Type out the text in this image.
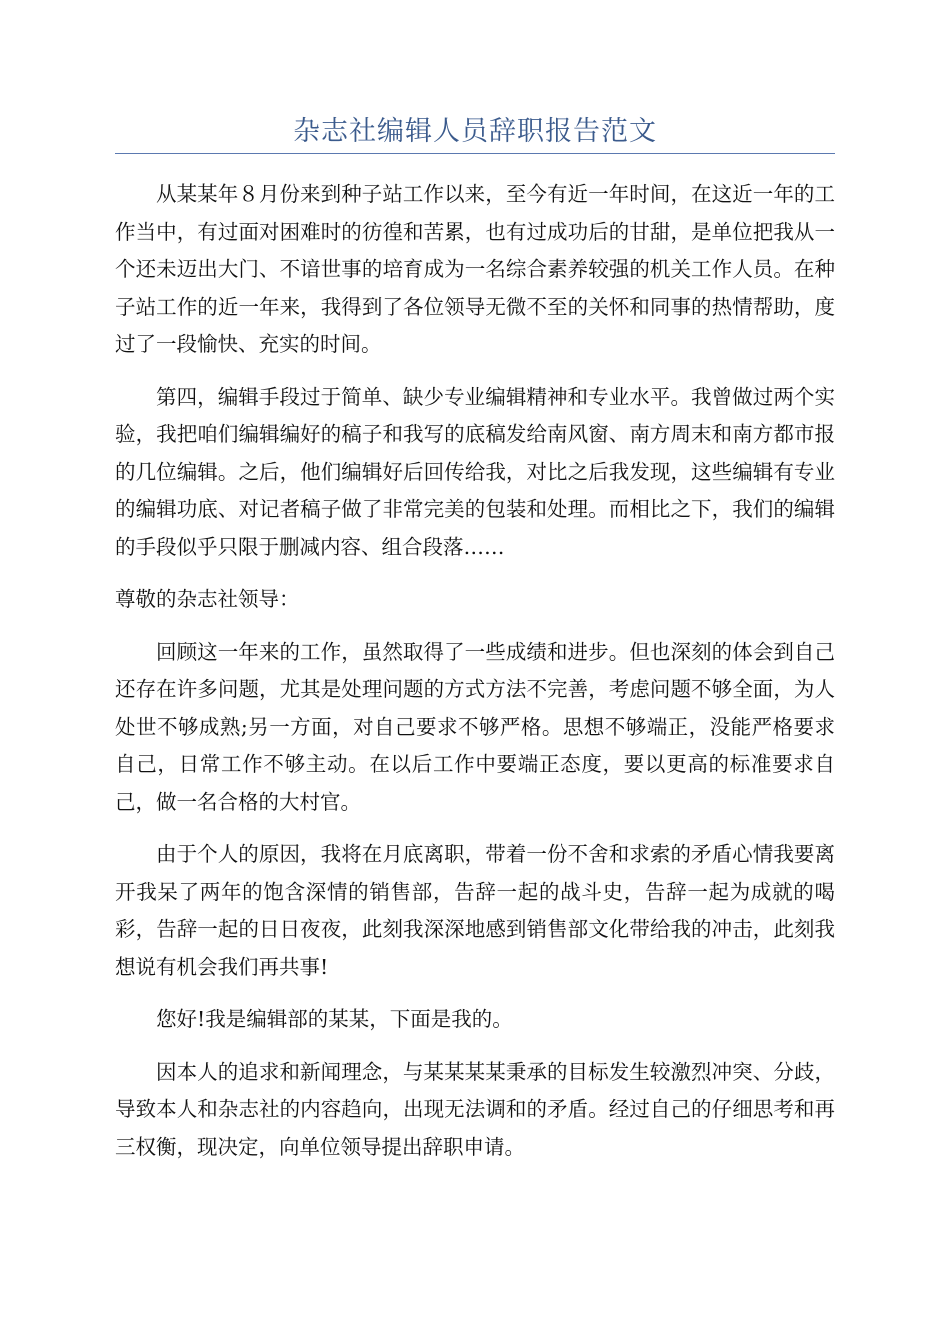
杂志社编辑人员辞职报告范文

从某某年８月份来到种子站工作以来，至今有近一年时间，在这近一年的工作当中，有过面对困难时的彷徨和苦累，也有过成功后的甘甜，是单位把我从一个还未迈出大门、不谙世事的培育成为一名综合素养较强的机关工作人员。在种子站工作的近一年来，我得到了各位领导无微不至的关怀和同事的热情帮助，度过了一段愉快、充实的时间。

第四，编辑手段过于简单、缺少专业编辑精神和专业水平。我曾做过两个实验，我把咱们编辑编好的稿子和我写的底稿发给南风窗、南方周末和南方都市报的几位编辑。之后，他们编辑好后回传给我，对比之后我发现，这些编辑有专业的编辑功底、对记者稿子做了非常完美的包装和处理。而相比之下，我们的编辑的手段似乎只限于删减内容、组合段落……

尊敬的杂志社领导：

回顾这一年来的工作，虽然取得了一些成绩和进步。但也深刻的体会到自己还存在许多问题，尤其是处理问题的方式方法不完善，考虑问题不够全面，为人处世不够成熟;另一方面，对自己要求不够严格。思想不够端正，没能严格要求自己，日常工作不够主动。在以后工作中要端正态度，要以更高的标准要求自己，做一名合格的大村官。

由于个人的原因，我将在月底离职，带着一份不舍和求索的矛盾心情我要离开我呆了两年的饱含深情的销售部，告辞一起的战斗史，告辞一起为成就的喝彩，告辞一起的日日夜夜，此刻我深深地感到销售部文化带给我的冲击，此刻我想说有机会我们再共事!

您好!我是编辑部的某某，下面是我的。

因本人的追求和新闻理念，与某某某某秉承的目标发生较激烈冲突、分歧，导致本人和杂志社的内容趋向，出现无法调和的矛盾。经过自己的仔细思考和再三权衡，现决定，向单位领导提出辞职申请。
